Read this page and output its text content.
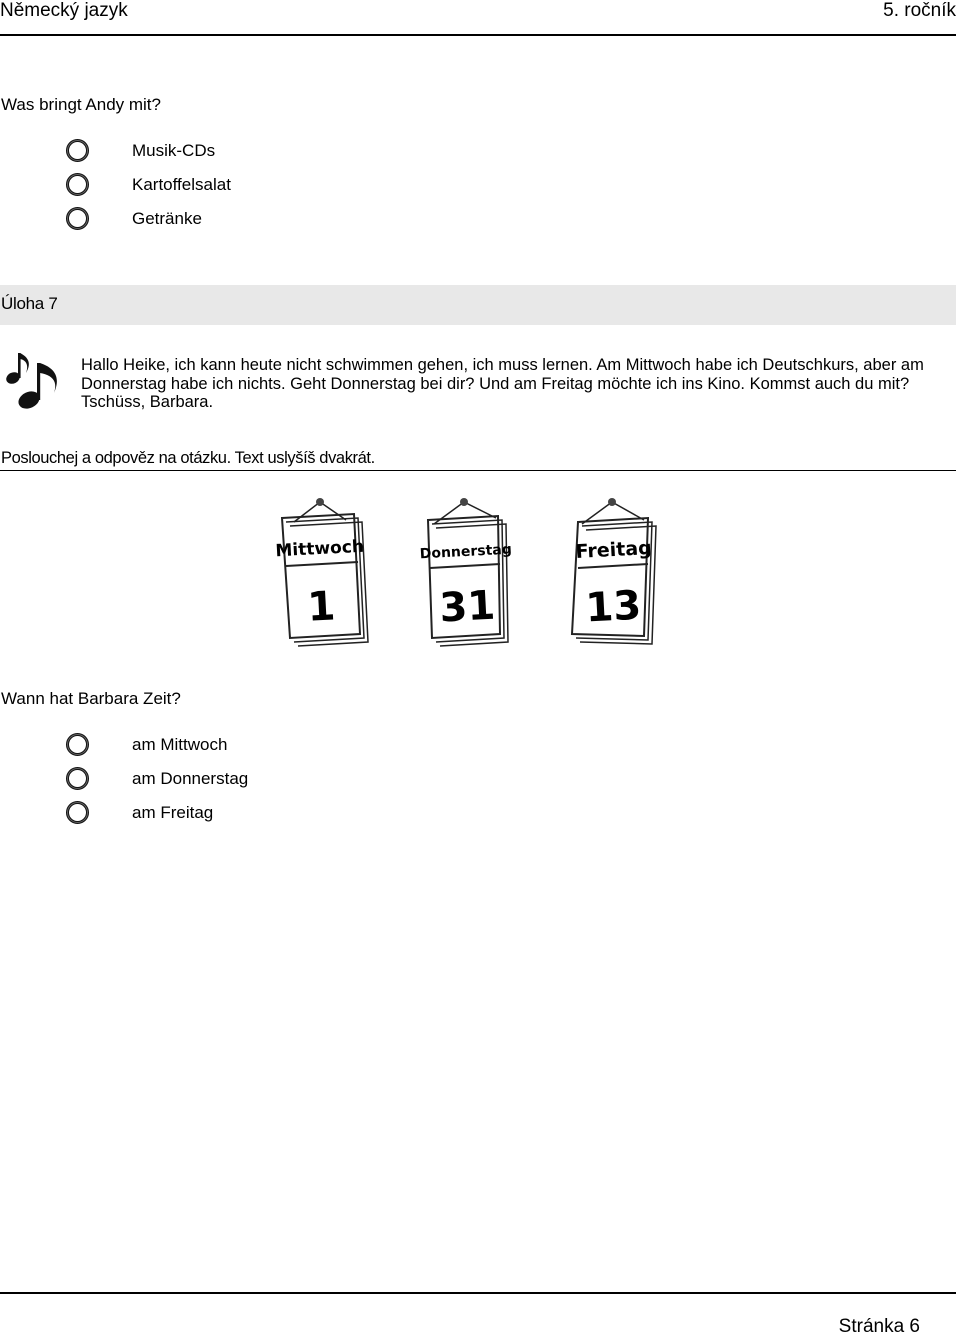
Německý jazyk	5. ročník
Was bringt Andy mit?
Musik-CDs
Kartoffelsalat
Getränke
Úloha 7
Hallo Heike, ich kann heute nicht schwimmen gehen, ich muss lernen. Am Mittwoch habe ich Deutschkurs, aber am Donnerstag habe ich nichts. Geht Donnerstag bei dir? Und am Freitag möchte ich ins Kino. Kommst auch du mit? Tschüss, Barbara.
Poslouchej a odpověz na otázku. Text uslyšíš dvakrát.
Mittwoch
1
Donnerstag
31
Freitag
13
Wann hat Barbara Zeit?
am Mittwoch
am Donnerstag
am Freitag
Stránka 6
